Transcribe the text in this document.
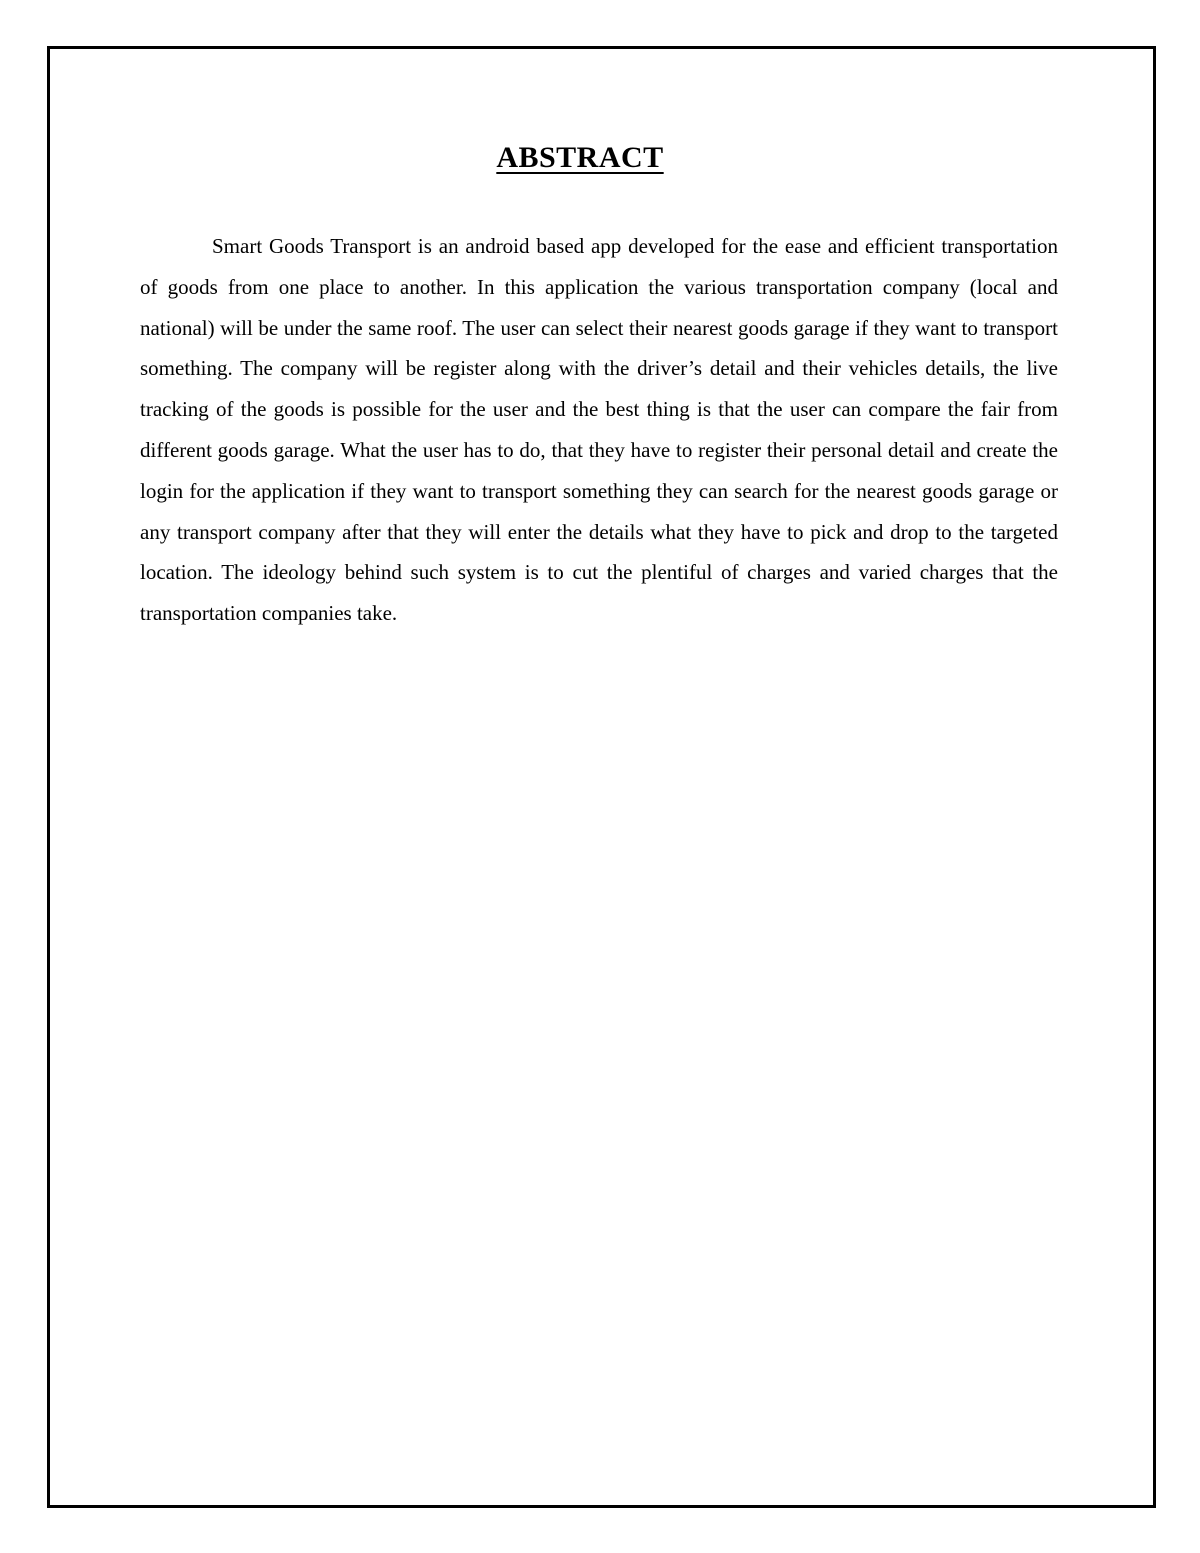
ABSTRACT

Smart Goods Transport is an android based app developed for the ease and efficient transportation of goods from one place to another. In this application the various transportation company (local and national) will be under the same roof. The user can select their nearest goods garage if they want to transport something. The company will be register along with the driver’s detail and their vehicles details, the live tracking of the goods is possible for the user and the best thing is that the user can compare the fair from different goods garage. What the user has to do, that they have to register their personal detail and create the login for the application if they want to transport something they can search for the nearest goods garage or any transport company after that they will enter the details what they have to pick and drop to the targeted location. The ideology behind such system is to cut the plentiful of charges and varied charges that the transportation companies take.
